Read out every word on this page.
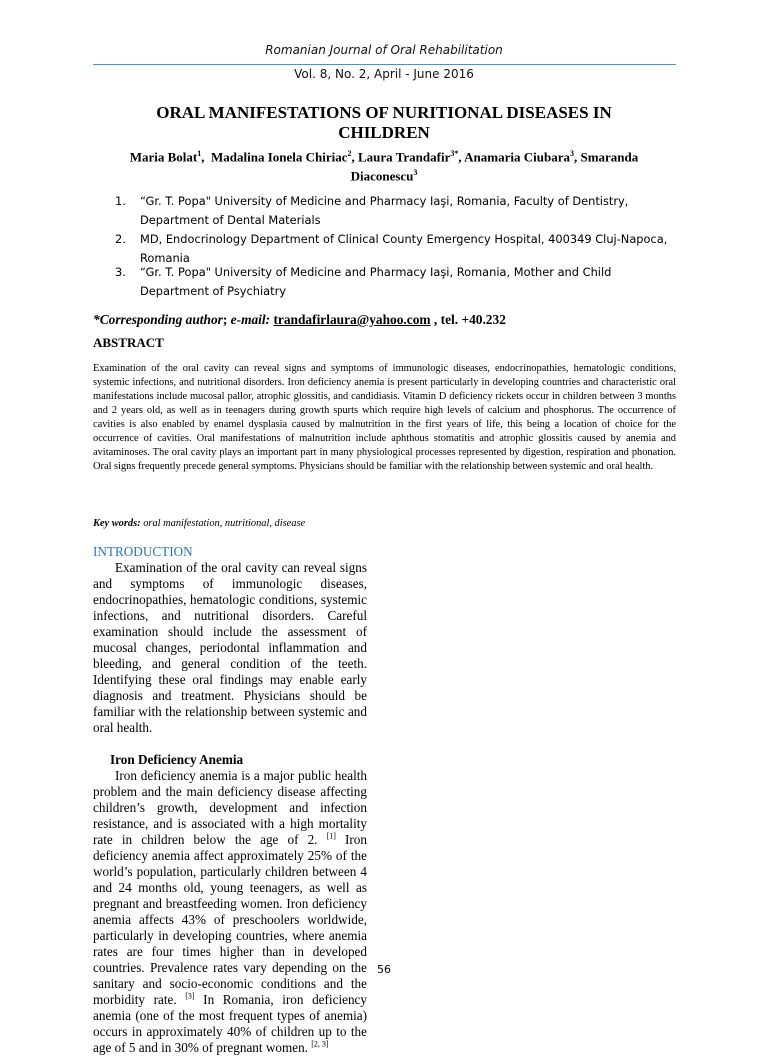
Romanian Journal of Oral Rehabilitation
Vol. 8, No. 2, April - June 2016
ORAL MANIFESTATIONS OF NURITIONAL DISEASES IN CHILDREN
Maria Bolat$^1$,  Madalina Ionela Chiriac$^2$, Laura Trandafir$^{3*}$, Anamaria Ciubara$^3$, Smaranda Diaconescu$^3$
1.	“Gr. T. Popa" University of Medicine and Pharmacy Iaşi, Romania, Faculty of Dentistry, Department of Dental Materials
2.	MD, Endocrinology Department of Clinical County Emergency Hospital, 400349 Cluj-Napoca, Romania
3.	“Gr. T. Popa" University of Medicine and Pharmacy Iaşi, Romania, Mother and Child Department of Psychiatry
*Corresponding author; e-mail: trandafirlaura@yahoo.com , tel. +40.232
ABSTRACT
Examination of the oral cavity can reveal signs and symptoms of immunologic diseases, endocrinopathies, hematologic conditions, systemic infections, and nutritional disorders. Iron deficiency anemia is present particularly in developing countries and characteristic oral manifestations include mucosal pallor, atrophic glossitis, and candidiasis. Vitamin D deficiency rickets occur in children between 3 months and 2 years old, as well as in teenagers during growth spurts which require high levels of calcium and phosphorus. The occurrence of cavities is also enabled by enamel dysplasia caused by malnutrition in the first years of life, this being a location of choice for the occurrence of cavities. Oral manifestations of malnutrition include aphthous stomatitis and atrophic glossitis caused by anemia and avitaminoses. The oral cavity plays an important part in many physiological processes represented by digestion, respiration and phonation. Oral signs frequently precede general symptoms. Physicians should be familiar with the relationship between systemic and oral health.
Key words: oral manifestation, nutritional, disease
INTRODUCTION

Examination of the oral cavity can reveal signs and symptoms of immunologic diseases, endocrinopathies, hematologic conditions, systemic infections, and nutritional disorders. Careful examination should include the assessment of mucosal changes, periodontal inflammation and bleeding, and general condition of the teeth. Identifying these oral findings may enable early diagnosis and treatment. Physicians should be familiar with the relationship between systemic and oral health.

Iron Deficiency Anemia

Iron deficiency anemia is a major public health problem and the main deficiency disease affecting children’s growth, development and infection resistance, and is associated with a high mortality rate in children below the age of 2. [1] Iron deficiency anemia affect approximately 25% of the world’s population, particularly children between 4 and 24 months old, young teenagers, as well as pregnant and breastfeeding women. Iron deficiency anemia affects 43% of preschoolers worldwide, particularly in developing countries, where anemia rates are four times higher than in developed countries. Prevalence rates vary depending on the sanitary and socio-economic conditions and the morbidity rate. [3] In Romania, iron deficiency anemia (one of the most frequent types of anemia) occurs in approximately 40% of children up to the age of 5 and in 30% of pregnant women. [2, 3]

56
